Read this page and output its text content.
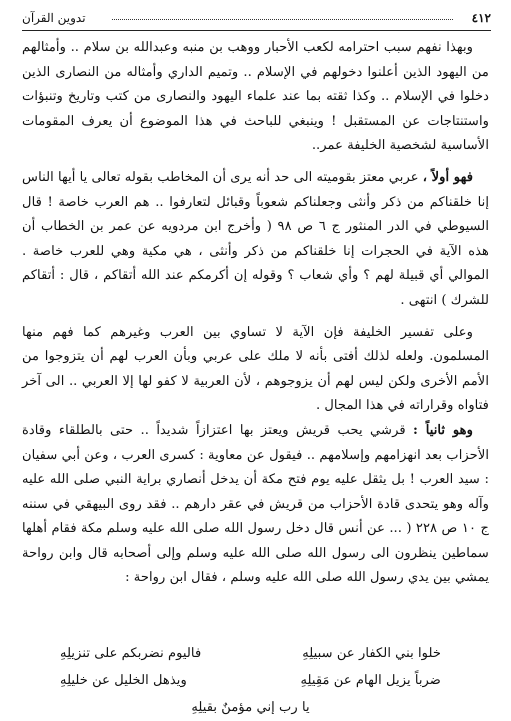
٤١٢
تدوين القرآن

وبهذا نفهم سبب احترامه لكعب الأحبار ووهب بن منبه وعبدالله بن سلام .. وأمثالهم من اليهود الذين أعلنوا دخولهم في الإسلام .. وتميم الداري وأمثاله من النصارى الذين دخلوا في الإسلام .. وكذا ثقته بما عند علماء اليهود والنصارى من كتب وتاريخ وتنبؤات واستنتاجات عن المستقبل ! وينبغي للباحث في هذا الموضوع أن يعرف المقومات الأساسية لشخصية الخليفة عمر..

فهو أولاً ، عربي معتز بقوميته الى حد أنه يرى أن المخاطب بقوله تعالى يا أيها الناس إنا خلقناكم من ذكر وأنثى وجعلناكم شعوباً وقبائل لتعارفوا .. هم العرب خاصة ! قال السيوطي في الدر المنثور ج ٦ ص ٩٨ ( وأخرج ابن مردويه عن عمر بن الخطاب أن هذه الآية في الحجرات إنا خلقناكم من ذكر وأنثى ، هي مكية وهي للعرب خاصة . الموالي أي قبيلة لهم ؟ وأي شعاب ؟ وقوله إن أكرمكم عند الله أتقاكم ، قال : أتقاكم للشرك ) انتهى .

وعلى تفسير الخليفة فإن الآية لا تساوي بين العرب وغيرهم كما فهم منها المسلمون. ولعله لذلك أفتى بأنه لا ملك على عربي وبأن العرب لهم أن يتزوجوا من الأمم الأخرى ولكن ليس لهم أن يزوجوهم ، لأن العربية لا كفو لها إلا العربي .. الى آخر فتاواه وقراراته في هذا المجال .

وهو ثانياً : قرشي يحب قريش ويعتز بها اعتزازاً شديداً .. حتى بالطلقاء وقادة الأحزاب بعد انهزامهم وإسلامهم .. فيقول عن معاوية : كسرى العرب ، وعن أبي سفيان : سيد العرب ! بل يثقل عليه يوم فتح مكة أن يدخل أنصاري براية النبي صلى الله عليه وآله وهو يتحدى قادة الأحزاب من قريش في عقر دارهم .. فقد روى البيهقي في سننه ج ١٠ ص ٢٢٨ ( ... عن أنس قال دخل رسول الله صلى الله عليه وسلم مكة فقام أهلها سماطين ينظرون الى رسول الله صلى الله عليه وسلم وإلى أصحابه قال وابن رواحة يمشي بين يدي رسول الله صلى الله عليه وسلم ، فقال ابن رواحة :

خلوا بني الكفار عن سبيلِهِ
فاليوم نضربكم على تنزيلِهِ
ضرباً يزيل الهام عن مَقِيلِهِ
ويذهل الخليل عن خليلِهِ
يا رب إني مؤمنٌ بقيلِهِ
